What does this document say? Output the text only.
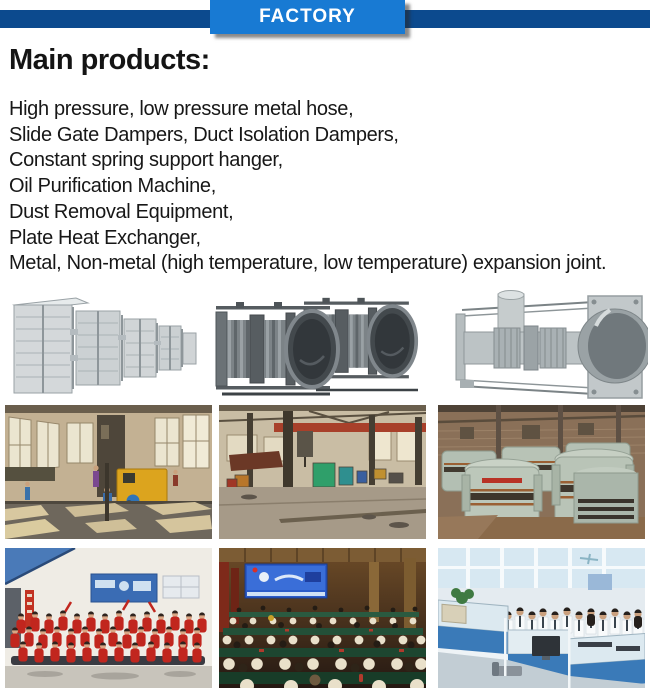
FACTORY
Main products:
High pressure, low pressure metal hose,
Slide Gate Dampers, Duct Isolation Dampers,
Constant spring support hanger,
Oil Purification Machine,
Dust Removal Equipment,
Plate Heat Exchanger,
Metal, Non-metal (high temperature, low temperature) expansion joint.
